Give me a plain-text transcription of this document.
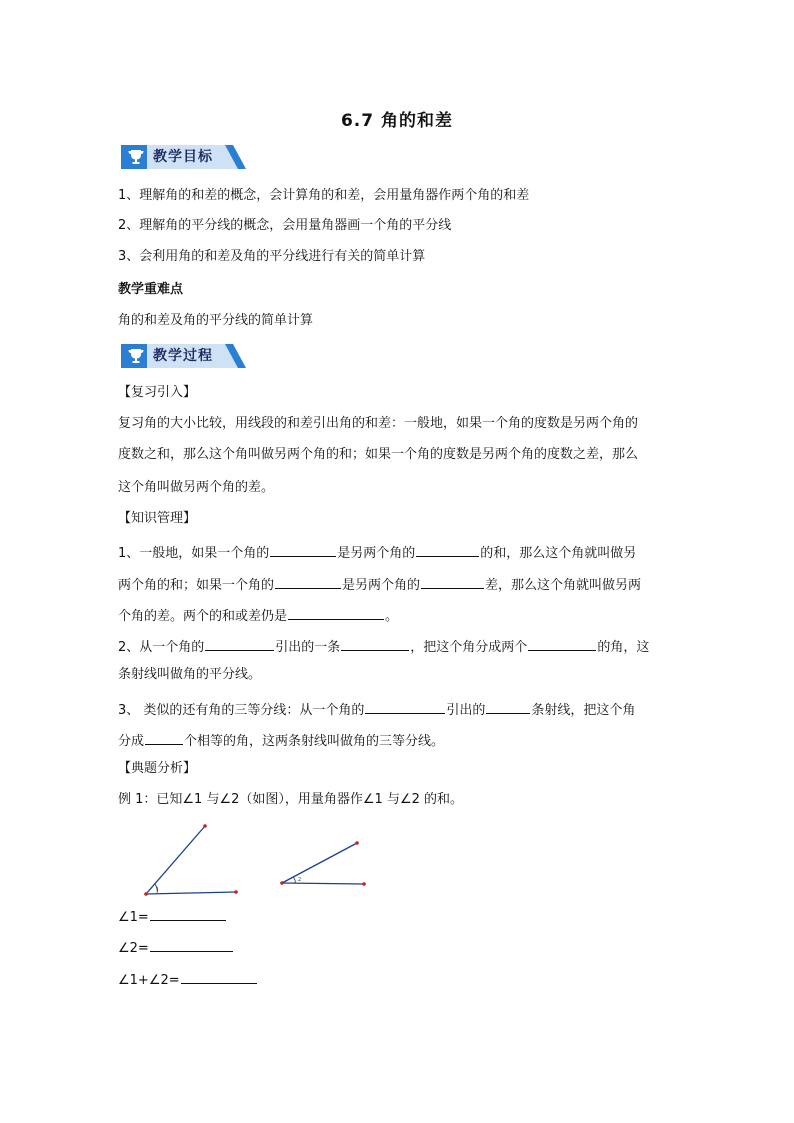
6.7 角的和差
教学目标
1、理解角的和差的概念，会计算角的和差，会用量角器作两个角的和差
2、理解角的平分线的概念，会用量角器画一个角的平分线
3、会利用角的和差及角的平分线进行有关的简单计算
教学重难点
角的和差及角的平分线的简单计算
教学过程
【复习引入】
复习角的大小比较，用线段的和差引出角的和差：一般地，如果一个角的度数是另两个角的
度数之和，那么这个角叫做另两个角的和；如果一个角的度数是另两个角的度数之差，那么
这个角叫做另两个角的差。
【知识管理】
1、一般地，如果一个角的	是另两个角的	的和，那么这个角就叫做另
两个角的和；如果一个角的	是另两个角的	差，那么这个角就叫做另两
个角的差。两个的和或差仍是	。
2、从一个角的	引出的一条	，把这个角分成两个	的角，这
条射线叫做角的平分线。
3、 类似的还有角的三等分线：从一个角的	引出的	条射线，把这个角
分成	个相等的角，这两条射线叫做角的三等分线。
【典题分析】
例 1：已知∠1 与∠2（如图），用量角器作∠1 与∠2 的和。
1
2
∠1=
∠2=
∠1+∠2=
